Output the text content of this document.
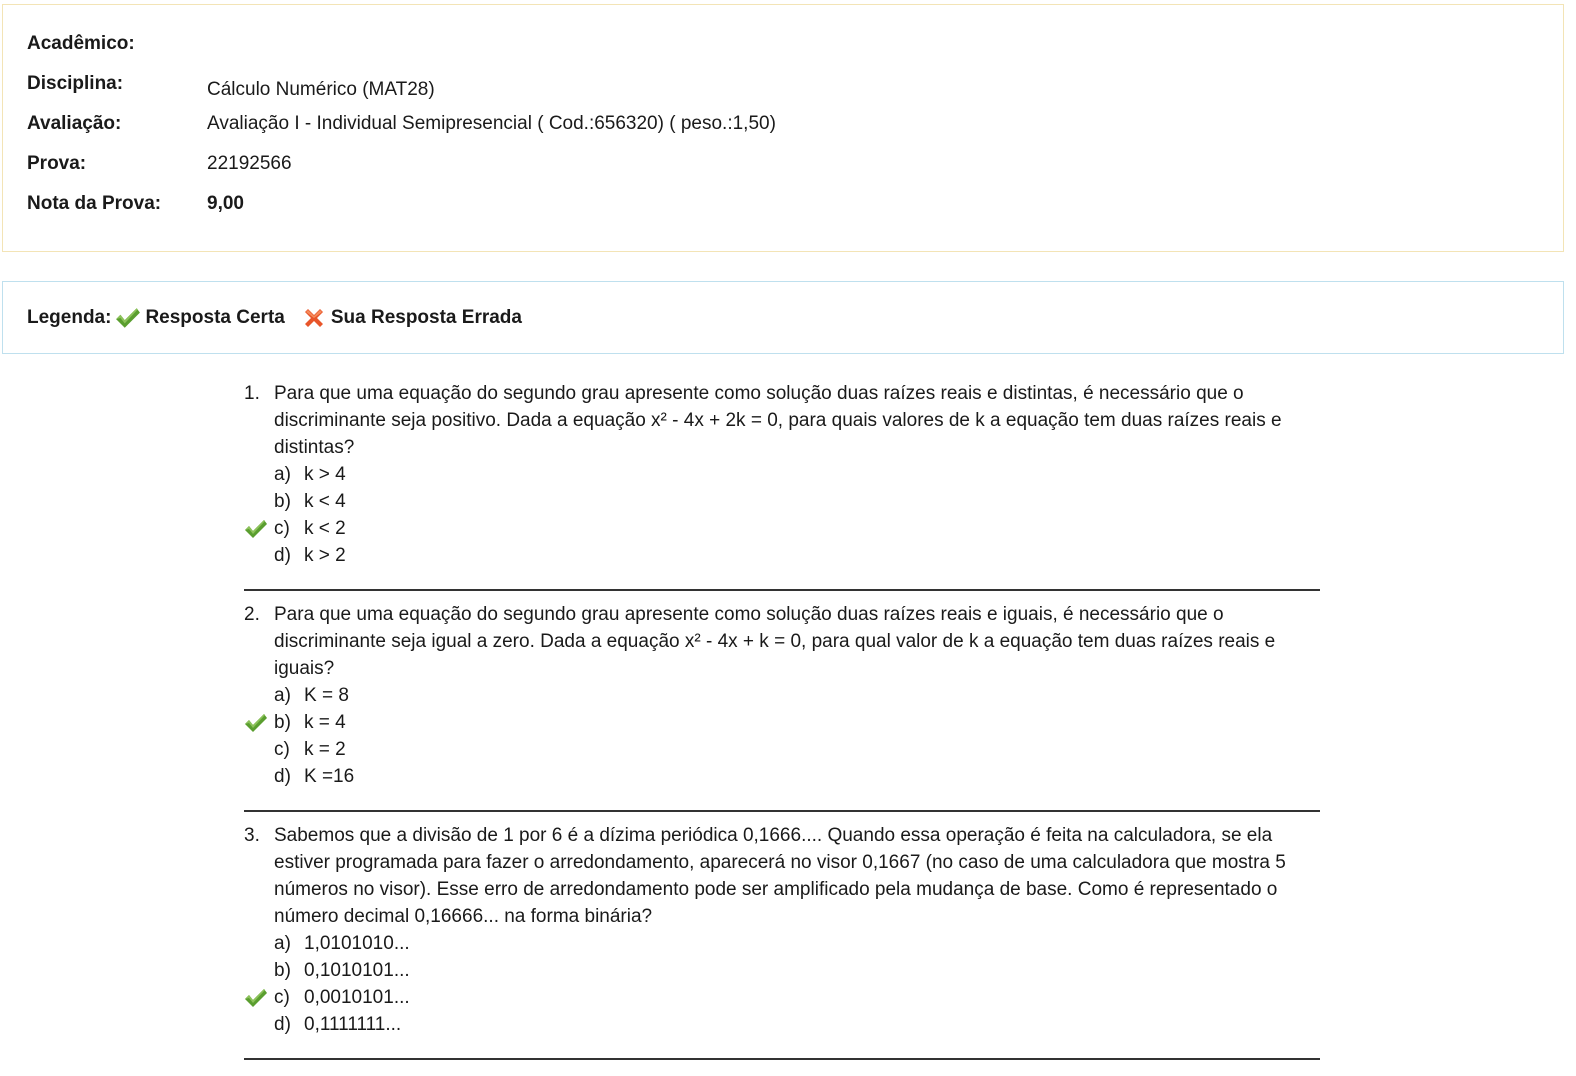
Acadêmico:
Disciplina:	Cálculo Numérico (MAT28)
Avaliação:	Avaliação I - Individual Semipresencial ( Cod.:656320) ( peso.:1,50)
Prova:	22192566
Nota da Prova: 9,00
Legenda: Resposta Certa Sua Resposta Errada
1. Para que uma equação do segundo grau apresente como solução duas raízes reais e distintas, é necessário que o discriminante seja positivo. Dada a equação x² - 4x + 2k = 0, para quais valores de k a equação tem duas raízes reais e distintas?
a) k > 4
b) k < 4
c) k < 2
d) k > 2
2. Para que uma equação do segundo grau apresente como solução duas raízes reais e iguais, é necessário que o discriminante seja igual a zero. Dada a equação x² - 4x + k = 0, para qual valor de k a equação tem duas raízes reais e iguais?
a) K = 8
b) k = 4
c) k = 2
d) K =16
3. Sabemos que a divisão de 1 por 6 é a dízima periódica 0,1666.... Quando essa operação é feita na calculadora, se ela estiver programada para fazer o arredondamento, aparecerá no visor 0,1667 (no caso de uma calculadora que mostra 5 números no visor). Esse erro de arredondamento pode ser amplificado pela mudança de base. Como é representado o número decimal 0,16666... na forma binária?
a) 1,0101010...
b) 0,1010101...
c) 0,0010101...
d) 0,1111111...
